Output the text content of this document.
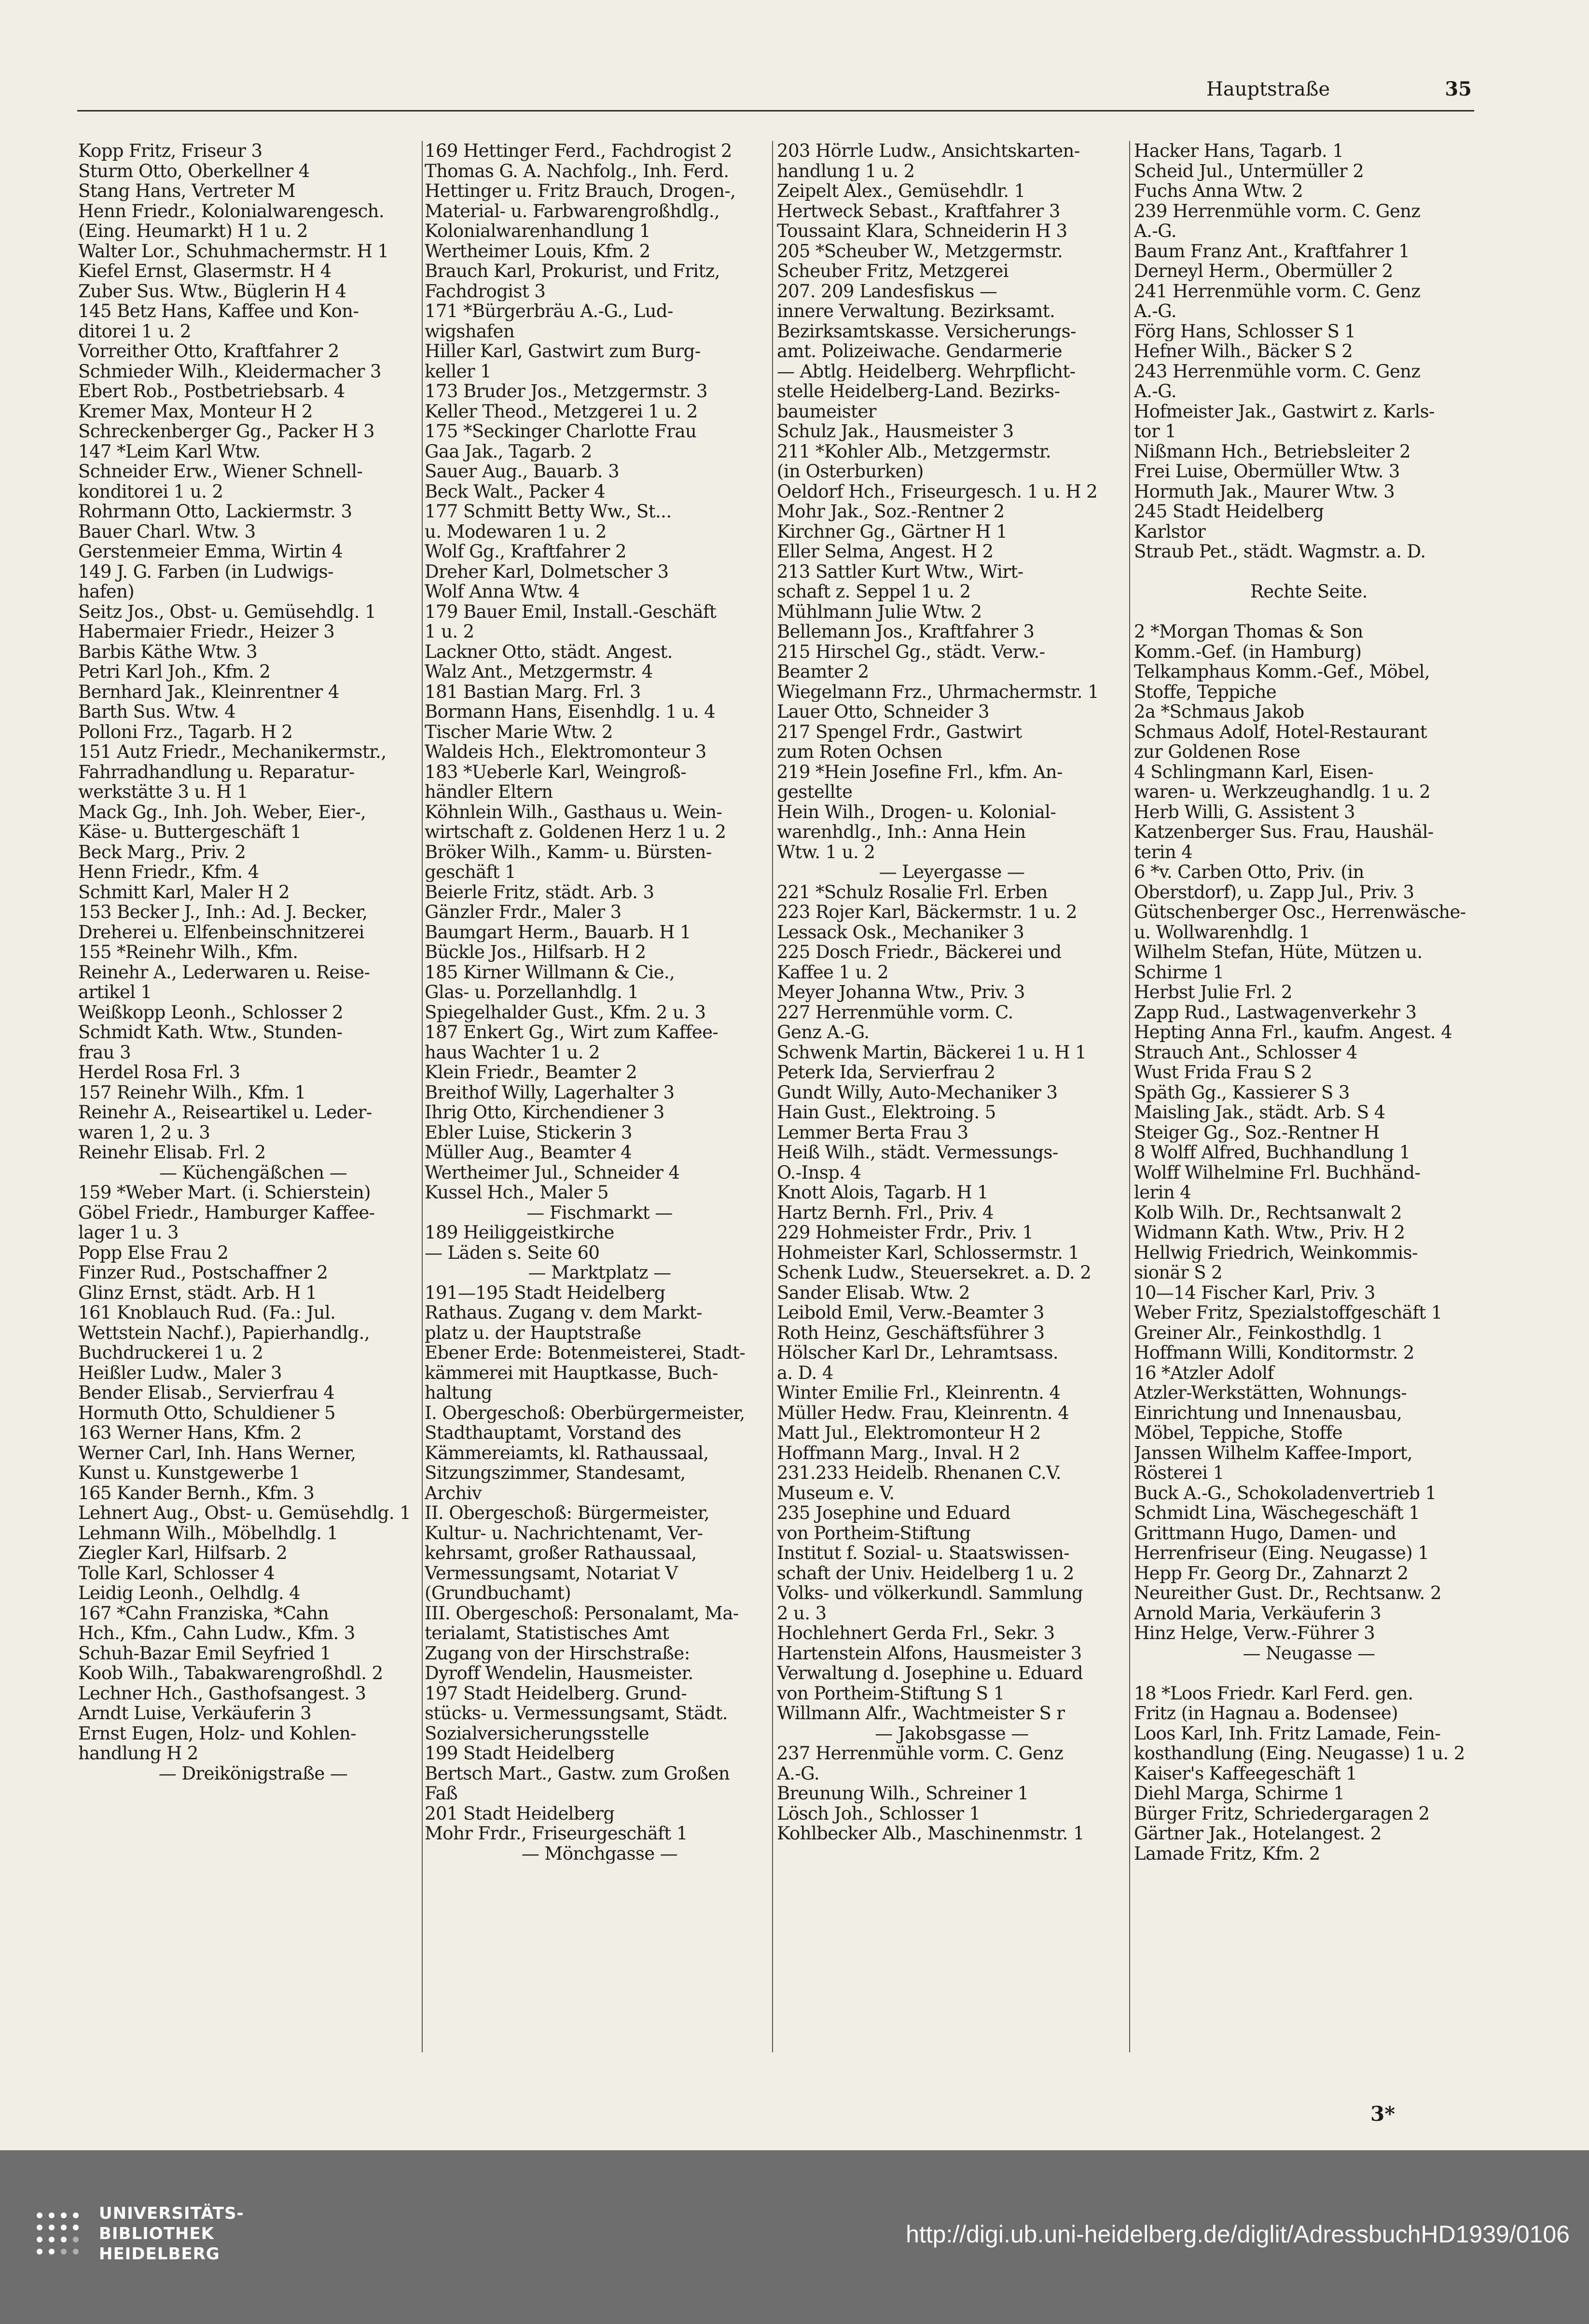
Hauptstraße	35
Kopp Fritz, Friseur 3
Sturm Otto, Oberkellner 4
Stang Hans, Vertreter M
Henn Friedr., Kolonialwarengesch.
(Eing. Heumarkt) H 1 u. 2
Walter Lor., Schuhmachermstr. H 1
Kiefel Ernst, Glasermstr. H 4
Zuber Sus. Wtw., Büglerin H 4
145 Betz Hans, Kaffee und Kon-
ditorei 1 u. 2
Vorreither Otto, Kraftfahrer 2
Schmieder Wilh., Kleidermacher 3
Ebert Rob., Postbetriebsarb. 4
Kremer Max, Monteur H 2
Schreckenberger Gg., Packer H 3
147 *Leim Karl Wtw.
Schneider Erw., Wiener Schnell-
konditorei 1 u. 2
Rohrmann Otto, Lackiermstr. 3
Bauer Charl. Wtw. 3
Gerstenmeier Emma, Wirtin 4
149 J. G. Farben (in Ludwigs-
hafen)
Seitz Jos., Obst- u. Gemüsehdlg. 1
Habermaier Friedr., Heizer 3
Barbis Käthe Wtw. 3
Petri Karl Joh., Kfm. 2
Bernhard Jak., Kleinrentner 4
Barth Sus. Wtw. 4
Polloni Frz., Tagarb. H 2
151 Autz Friedr., Mechanikermstr.,
Fahrradhandlung u. Reparatur-
werkstätte 3 u. H 1
Mack Gg., Inh. Joh. Weber, Eier-,
Käse- u. Buttergeschäft 1
Beck Marg., Priv. 2
Henn Friedr., Kfm. 4
Schmitt Karl, Maler H 2
153 Becker J., Inh.: Ad. J. Becker,
Dreherei u. Elfenbeinschnitzerei
155 *Reinehr Wilh., Kfm.
Reinehr A., Lederwaren u. Reise-
artikel 1
Weißkopp Leonh., Schlosser 2
Schmidt Kath. Wtw., Stunden-
frau 3
Herdel Rosa Frl. 3
157 Reinehr Wilh., Kfm. 1
Reinehr A., Reiseartikel u. Leder-
waren 1, 2 u. 3
Reinehr Elisab. Frl. 2
— Küchengäßchen —
159 *Weber Mart. (i. Schierstein)
Göbel Friedr., Hamburger Kaffee-
lager 1 u. 3
Popp Else Frau 2
Finzer Rud., Postschaffner 2
Glinz Ernst, städt. Arb. H 1
161 Knoblauch Rud. (Fa.: Jul.
Wettstein Nachf.), Papierhandlg.,
Buchdruckerei 1 u. 2
Heißler Ludw., Maler 3
Bender Elisab., Servierfrau 4
Hormuth Otto, Schuldiener 5
163 Werner Hans, Kfm. 2
Werner Carl, Inh. Hans Werner,
Kunst u. Kunstgewerbe 1
165 Kander Bernh., Kfm. 3
Lehnert Aug., Obst- u. Gemüsehdlg. 1
Lehmann Wilh., Möbelhdlg. 1
Ziegler Karl, Hilfsarb. 2
Tolle Karl, Schlosser 4
Leidig Leonh., Oelhdlg. 4
167 *Cahn Franziska, *Cahn
Hch., Kfm., Cahn Ludw., Kfm. 3
Schuh-Bazar Emil Seyfried 1
Koob Wilh., Tabakwarengroßhdl. 2
Lechner Hch., Gasthofsangest. 3
Arndt Luise, Verkäuferin 3
Ernst Eugen, Holz- und Kohlen-
handlung H 2
— Dreikönigstraße —
169 Hettinger Ferd., Fachdrogist 2
Thomas G. A. Nachfolg., Inh. Ferd.
Hettinger u. Fritz Brauch, Drogen-,
Material- u. Farbwarengroßhdlg.,
Kolonialwarenhandlung 1
Wertheimer Louis, Kfm. 2
Brauch Karl, Prokurist, und Fritz,
Fachdrogist 3
171 *Bürgerbräu A.-G., Lud-
wigshafen
Hiller Karl, Gastwirt zum Burg-
keller 1
173 Bruder Jos., Metzgermstr. 3
Keller Theod., Metzgerei 1 u. 2
175 *Seckinger Charlotte Frau
Gaa Jak., Tagarb. 2
Sauer Aug., Bauarb. 3
Beck Walt., Packer 4
177 Schmitt Betty Ww., St...
u. Modewaren 1 u. 2
Wolf Gg., Kraftfahrer 2
Dreher Karl, Dolmetscher 3
Wolf Anna Wtw. 4
179 Bauer Emil, Install.-Geschäft
1 u. 2
Lackner Otto, städt. Angest.
Walz Ant., Metzgermstr. 4
181 Bastian Marg. Frl. 3
Bormann Hans, Eisenhdlg. 1 u. 4
Tischer Marie Wtw. 2
Waldeis Hch., Elektromonteur 3
183 *Ueberle Karl, Weingroß-
händler Eltern
Köhnlein Wilh., Gasthaus u. Wein-
wirtschaft z. Goldenen Herz 1 u. 2
Bröker Wilh., Kamm- u. Bürsten-
geschäft 1
Beierle Fritz, städt. Arb. 3
Gänzler Frdr., Maler 3
Baumgart Herm., Bauarb. H 1
Bückle Jos., Hilfsarb. H 2
185 Kirner Willmann & Cie.,
Glas- u. Porzellanhdlg. 1
Spiegelhalder Gust., Kfm. 2 u. 3
187 Enkert Gg., Wirt zum Kaffee-
haus Wachter 1 u. 2
Klein Friedr., Beamter 2
Breithof Willy, Lagerhalter 3
Ihrig Otto, Kirchendiener 3
Ebler Luise, Stickerin 3
Müller Aug., Beamter 4
Wertheimer Jul., Schneider 4
Kussel Hch., Maler 5
— Fischmarkt —
189 Heiliggeistkirche
— Läden s. Seite 60
— Marktplatz —
191—195 Stadt Heidelberg
Rathaus. Zugang v. dem Markt-
platz u. der Hauptstraße
Ebener Erde: Botenmeisterei, Stadt-
kämmerei mit Hauptkasse, Buch-
haltung
I. Obergeschoß: Oberbürgermeister,
Stadthauptamt, Vorstand des
Kämmereiamts, kl. Rathaussaal,
Sitzungszimmer, Standesamt,
Archiv
II. Obergeschoß: Bürgermeister,
Kultur- u. Nachrichtenamt, Ver-
kehrsamt, großer Rathaussaal,
Vermessungsamt, Notariat V
(Grundbuchamt)
III. Obergeschoß: Personalamt, Ma-
terialamt, Statistisches Amt
Zugang von der Hirschstraße:
Dyroff Wendelin, Hausmeister.
197 Stadt Heidelberg. Grund-
stücks- u. Vermessungsamt, Städt.
Sozialversicherungsstelle
199 Stadt Heidelberg
Bertsch Mart., Gastw. zum Großen
Faß
201 Stadt Heidelberg
Mohr Frdr., Friseurgeschäft 1
— Mönchgasse —
203 Hörrle Ludw., Ansichtskarten-
handlung 1 u. 2
Zeipelt Alex., Gemüsehdlr. 1
Hertweck Sebast., Kraftfahrer 3
Toussaint Klara, Schneiderin H 3
205 *Scheuber W., Metzgermstr.
Scheuber Fritz, Metzgerei
207. 209 Landesfiskus —
innere Verwaltung. Bezirksamt.
Bezirksamtskasse. Versicherungs-
amt. Polizeiwache. Gendarmerie
— Abtlg. Heidelberg. Wehrpflicht-
stelle Heidelberg-Land. Bezirks-
baumeister
Schulz Jak., Hausmeister 3
211 *Kohler Alb., Metzgermstr.
(in Osterburken)
Oeldorf Hch., Friseurgesch. 1 u. H 2
Mohr Jak., Soz.-Rentner 2
Kirchner Gg., Gärtner H 1
Eller Selma, Angest. H 2
213 Sattler Kurt Wtw., Wirt-
schaft z. Seppel 1 u. 2
Mühlmann Julie Wtw. 2
Bellemann Jos., Kraftfahrer 3
215 Hirschel Gg., städt. Verw.-
Beamter 2
Wiegelmann Frz., Uhrmachermstr. 1
Lauer Otto, Schneider 3
217 Spengel Frdr., Gastwirt
zum Roten Ochsen
219 *Hein Josefine Frl., kfm. An-
gestellte
Hein Wilh., Drogen- u. Kolonial-
warenhdlg., Inh.: Anna Hein
Wtw. 1 u. 2
— Leyergasse —
221 *Schulz Rosalie Frl. Erben
223 Rojer Karl, Bäckermstr. 1 u. 2
Lessack Osk., Mechaniker 3
225 Dosch Friedr., Bäckerei und
Kaffee 1 u. 2
Meyer Johanna Wtw., Priv. 3
227 Herrenmühle vorm. C.
Genz A.-G.
Schwenk Martin, Bäckerei 1 u. H 1
Peterk Ida, Servierfrau 2
Gundt Willy, Auto-Mechaniker 3
Hain Gust., Elektroing. 5
Lemmer Berta Frau 3
Heiß Wilh., städt. Vermessungs-
O.-Insp. 4
Knott Alois, Tagarb. H 1
Hartz Bernh. Frl., Priv. 4
229 Hohmeister Frdr., Priv. 1
Hohmeister Karl, Schlossermstr. 1
Schenk Ludw., Steuersekret. a. D. 2
Sander Elisab. Wtw. 2
Leibold Emil, Verw.-Beamter 3
Roth Heinz, Geschäftsführer 3
Hölscher Karl Dr., Lehramtsass.
a. D. 4
Winter Emilie Frl., Kleinrentn. 4
Müller Hedw. Frau, Kleinrentn. 4
Matt Jul., Elektromonteur H 2
Hoffmann Marg., Inval. H 2
231.233 Heidelb. Rhenanen C.V.
Museum e. V.
235 Josephine und Eduard
von Portheim-Stiftung
Institut f. Sozial- u. Staatswissen-
schaft der Univ. Heidelberg 1 u. 2
Volks- und völkerkundl. Sammlung
2 u. 3
Hochlehnert Gerda Frl., Sekr. 3
Hartenstein Alfons, Hausmeister 3
Verwaltung d. Josephine u. Eduard
von Portheim-Stiftung S 1
Willmann Alfr., Wachtmeister S r
— Jakobsgasse —
237 Herrenmühle vorm. C. Genz
A.-G.
Breunung Wilh., Schreiner 1
Lösch Joh., Schlosser 1
Kohlbecker Alb., Maschinenmstr. 1
Hacker Hans, Tagarb. 1
Scheid Jul., Untermüller 2
Fuchs Anna Wtw. 2
239 Herrenmühle vorm. C. Genz
A.-G.
Baum Franz Ant., Kraftfahrer 1
Derneyl Herm., Obermüller 2
241 Herrenmühle vorm. C. Genz
A.-G.
Förg Hans, Schlosser S 1
Hefner Wilh., Bäcker S 2
243 Herrenmühle vorm. C. Genz
A.-G.
Hofmeister Jak., Gastwirt z. Karls-
tor 1
Nißmann Hch., Betriebsleiter 2
Frei Luise, Obermüller Wtw. 3
Hormuth Jak., Maurer Wtw. 3
245 Stadt Heidelberg
Karlstor
Straub Pet., städt. Wagmstr. a. D.
Rechte Seite.
2 *Morgan Thomas & Son
Komm.-Gef. (in Hamburg)
Telkamphaus Komm.-Gef., Möbel,
Stoffe, Teppiche
2a *Schmaus Jakob
Schmaus Adolf, Hotel-Restaurant
zur Goldenen Rose
4 Schlingmann Karl, Eisen-
waren- u. Werkzeughandlg. 1 u. 2
Herb Willi, G. Assistent 3
Katzenberger Sus. Frau, Haushäl-
terin 4
6 *v. Carben Otto, Priv. (in
Oberstdorf), u. Zapp Jul., Priv. 3
Gütschenberger Osc., Herrenwäsche-
u. Wollwarenhdlg. 1
Wilhelm Stefan, Hüte, Mützen u.
Schirme 1
Herbst Julie Frl. 2
Zapp Rud., Lastwagenverkehr 3
Hepting Anna Frl., kaufm. Angest. 4
Strauch Ant., Schlosser 4
Wust Frida Frau S 2
Späth Gg., Kassierer S 3
Maisling Jak., städt. Arb. S 4
Steiger Gg., Soz.-Rentner H
8 Wolff Alfred, Buchhandlung 1
Wolff Wilhelmine Frl. Buchhänd-
lerin 4
Kolb Wilh. Dr., Rechtsanwalt 2
Widmann Kath. Wtw., Priv. H 2
Hellwig Friedrich, Weinkommis-
sionär S 2
10—14 Fischer Karl, Priv. 3
Weber Fritz, Spezialstoffgeschäft 1
Greiner Alr., Feinkosthdlg. 1
Hoffmann Willi, Konditormstr. 2
16 *Atzler Adolf
Atzler-Werkstätten, Wohnungs-
Einrichtung und Innenausbau,
Möbel, Teppiche, Stoffe
Janssen Wilhelm Kaffee-Import,
Rösterei 1
Buck A.-G., Schokoladenvertrieb 1
Schmidt Lina, Wäschegeschäft 1
Grittmann Hugo, Damen- und
Herrenfriseur (Eing. Neugasse) 1
Hepp Fr. Georg Dr., Zahnarzt 2
Neureither Gust. Dr., Rechtsanw. 2
Arnold Maria, Verkäuferin 3
Hinz Helge, Verw.-Führer 3
— Neugasse —
18 *Loos Friedr. Karl Ferd. gen.
Fritz (in Hagnau a. Bodensee)
Loos Karl, Inh. Fritz Lamade, Fein-
kosthandlung (Eing. Neugasse) 1 u. 2
Kaiser's Kaffeegeschäft 1
Diehl Marga, Schirme 1
Bürger Fritz, Schriedergaragen 2
Gärtner Jak., Hotelangest. 2
Lamade Fritz, Kfm. 2
3*
UNIVERSITÄTS-
BIBLIOTHEK
HEIDELBERG
http://digi.ub.uni-heidelberg.de/diglit/AdressbuchHD1939/0106
